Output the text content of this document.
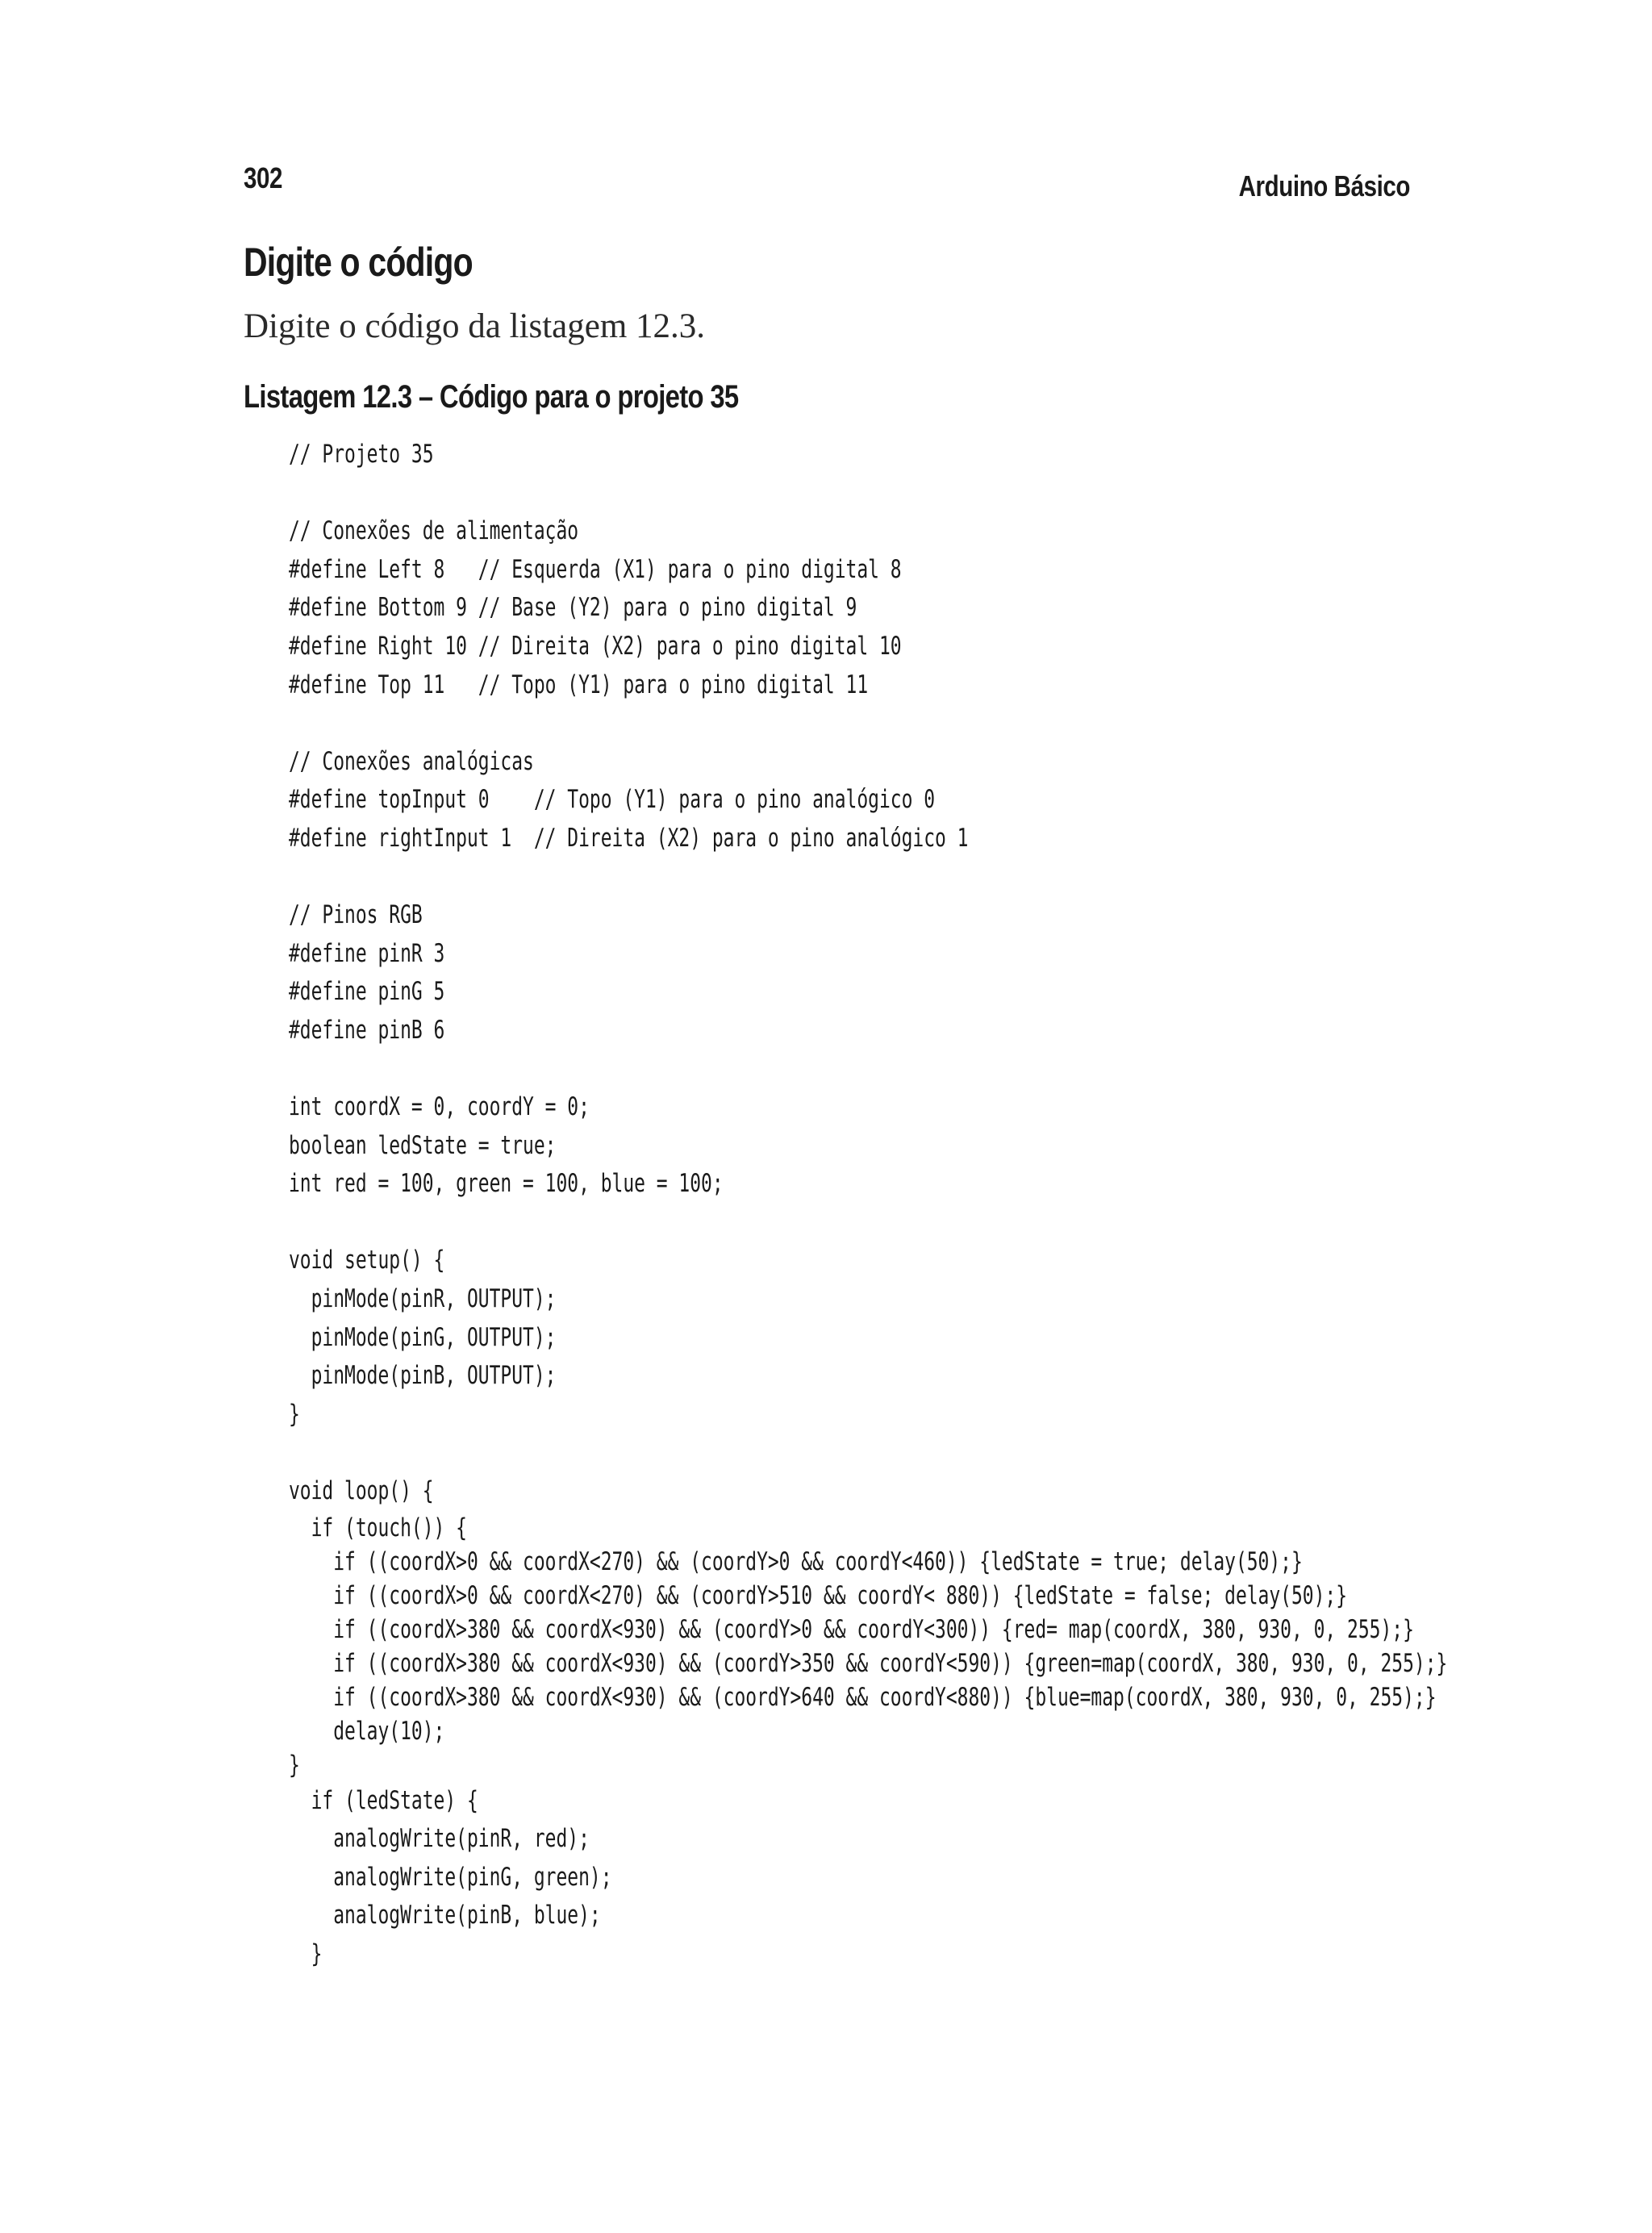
302	Arduino Básico
Digite o código

Digite o código da listagem 12.3.

Listagem 12.3 – Código para o projeto 35
// Projeto 35
// Conexões de alimentação
#define Left 8   // Esquerda (X1) para o pino digital 8
#define Bottom 9 // Base (Y2) para o pino digital 9
#define Right 10 // Direita (X2) para o pino digital 10
#define Top 11   // Topo (Y1) para o pino digital 11
// Conexões analógicas
#define topInput 0    // Topo (Y1) para o pino analógico 0
#define rightInput 1  // Direita (X2) para o pino analógico 1
// Pinos RGB
#define pinR 3
#define pinG 5
#define pinB 6
int coordX = 0, coordY = 0;
boolean ledState = true;
int red = 100, green = 100, blue = 100;
void setup() {
pinMode(pinR, OUTPUT);
pinMode(pinG, OUTPUT);
pinMode(pinB, OUTPUT);
}
void loop() {
if (touch()) {
if ((coordX>0 && coordX<270) && (coordY>0 && coordY<460)) {ledState = true; delay(50);}
if ((coordX>0 && coordX<270) && (coordY>510 && coordY< 880)) {ledState = false; delay(50);}
if ((coordX>380 && coordX<930) && (coordY>0 && coordY<300)) {red= map(coordX, 380, 930, 0, 255);}
if ((coordX>380 && coordX<930) && (coordY>350 && coordY<590)) {green=map(coordX, 380, 930, 0, 255);}
if ((coordX>380 && coordX<930) && (coordY>640 && coordY<880)) {blue=map(coordX, 380, 930, 0, 255);}
delay(10);
}
if (ledState) {
analogWrite(pinR, red);
analogWrite(pinG, green);
analogWrite(pinB, blue);
}
